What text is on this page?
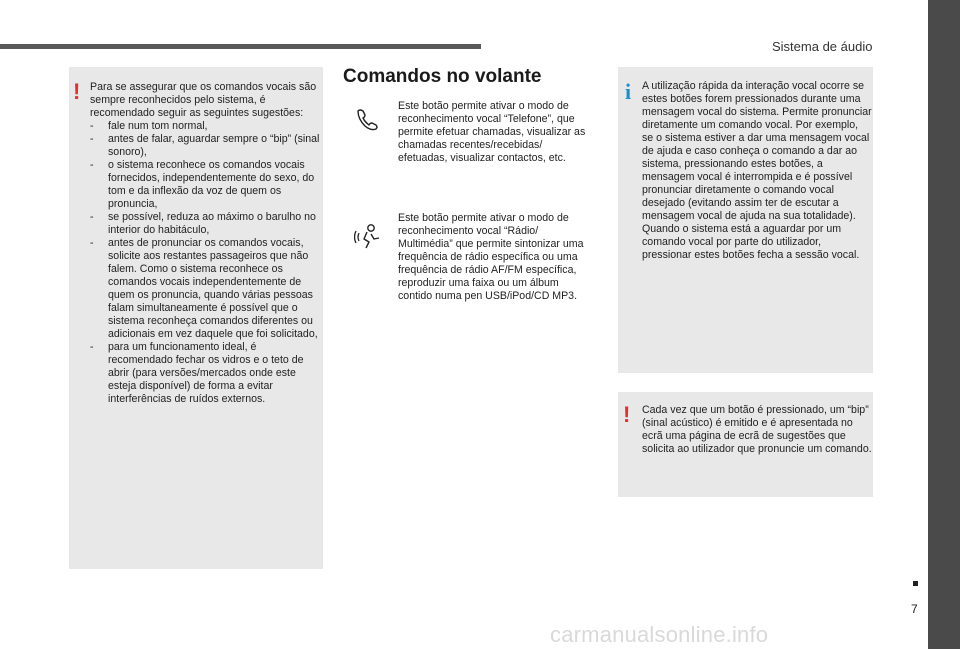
Sistema de áudio
! Para se assegurar que os comandos vocais são sempre reconhecidos pelo sistema, é recomendado seguir as seguintes sugestões:

- fale num tom normal,
- antes de falar, aguardar sempre o “bip” (sinal sonoro),
- o sistema reconhece os comandos vocais fornecidos, independentemente do sexo, do tom e da inflexão da voz de quem os pronuncia,
- se possível, reduza ao máximo o barulho no interior do habitáculo,
- antes de pronunciar os comandos vocais, solicite aos restantes passageiros que não falem. Como o sistema reconhece os comandos vocais independentemente de quem os pronuncia, quando várias pessoas falam simultaneamente é possível que o sistema reconheça comandos diferentes ou adicionais em vez daquele que foi solicitado,
- para um funcionamento ideal, é recomendado fechar os vidros e o teto de abrir (para versões/mercados onde este esteja disponível) de forma a evitar interferências de ruídos externos.
Comandos no volante
Este botão permite ativar o modo de reconhecimento vocal “Telefone”, que permite efetuar chamadas, visualizar as chamadas recentes/recebidas/ efetuadas, visualizar contactos, etc.
Este botão permite ativar o modo de reconhecimento vocal “Rádio/ Multimédia” que permite sintonizar uma frequência de rádio específica ou uma frequência de rádio AF/FM específica, reproduzir uma faixa ou um álbum contido numa pen USB/iPod/CD MP3.
i A utilização rápida da interação vocal ocorre se estes botões forem pressionados durante uma mensagem vocal do sistema. Permite pronunciar diretamente um comando vocal. Por exemplo, se o sistema estiver a dar uma mensagem vocal de ajuda e caso conheça o comando a dar ao sistema, pressionando estes botões, a mensagem vocal é interrompida e é possível pronunciar diretamente o comando vocal desejado (evitando assim ter de escutar a mensagem vocal de ajuda na sua totalidade).

Quando o sistema está a aguardar por um comando vocal por parte do utilizador, pressionar estes botões fecha a sessão vocal.

! Cada vez que um botão é pressionado, um “bip” (sinal acústico) é emitido e é apresentada no ecrã uma página de ecrã de sugestões que solicita ao utilizador que pronuncie um comando.
7
carmanualsonline.info
